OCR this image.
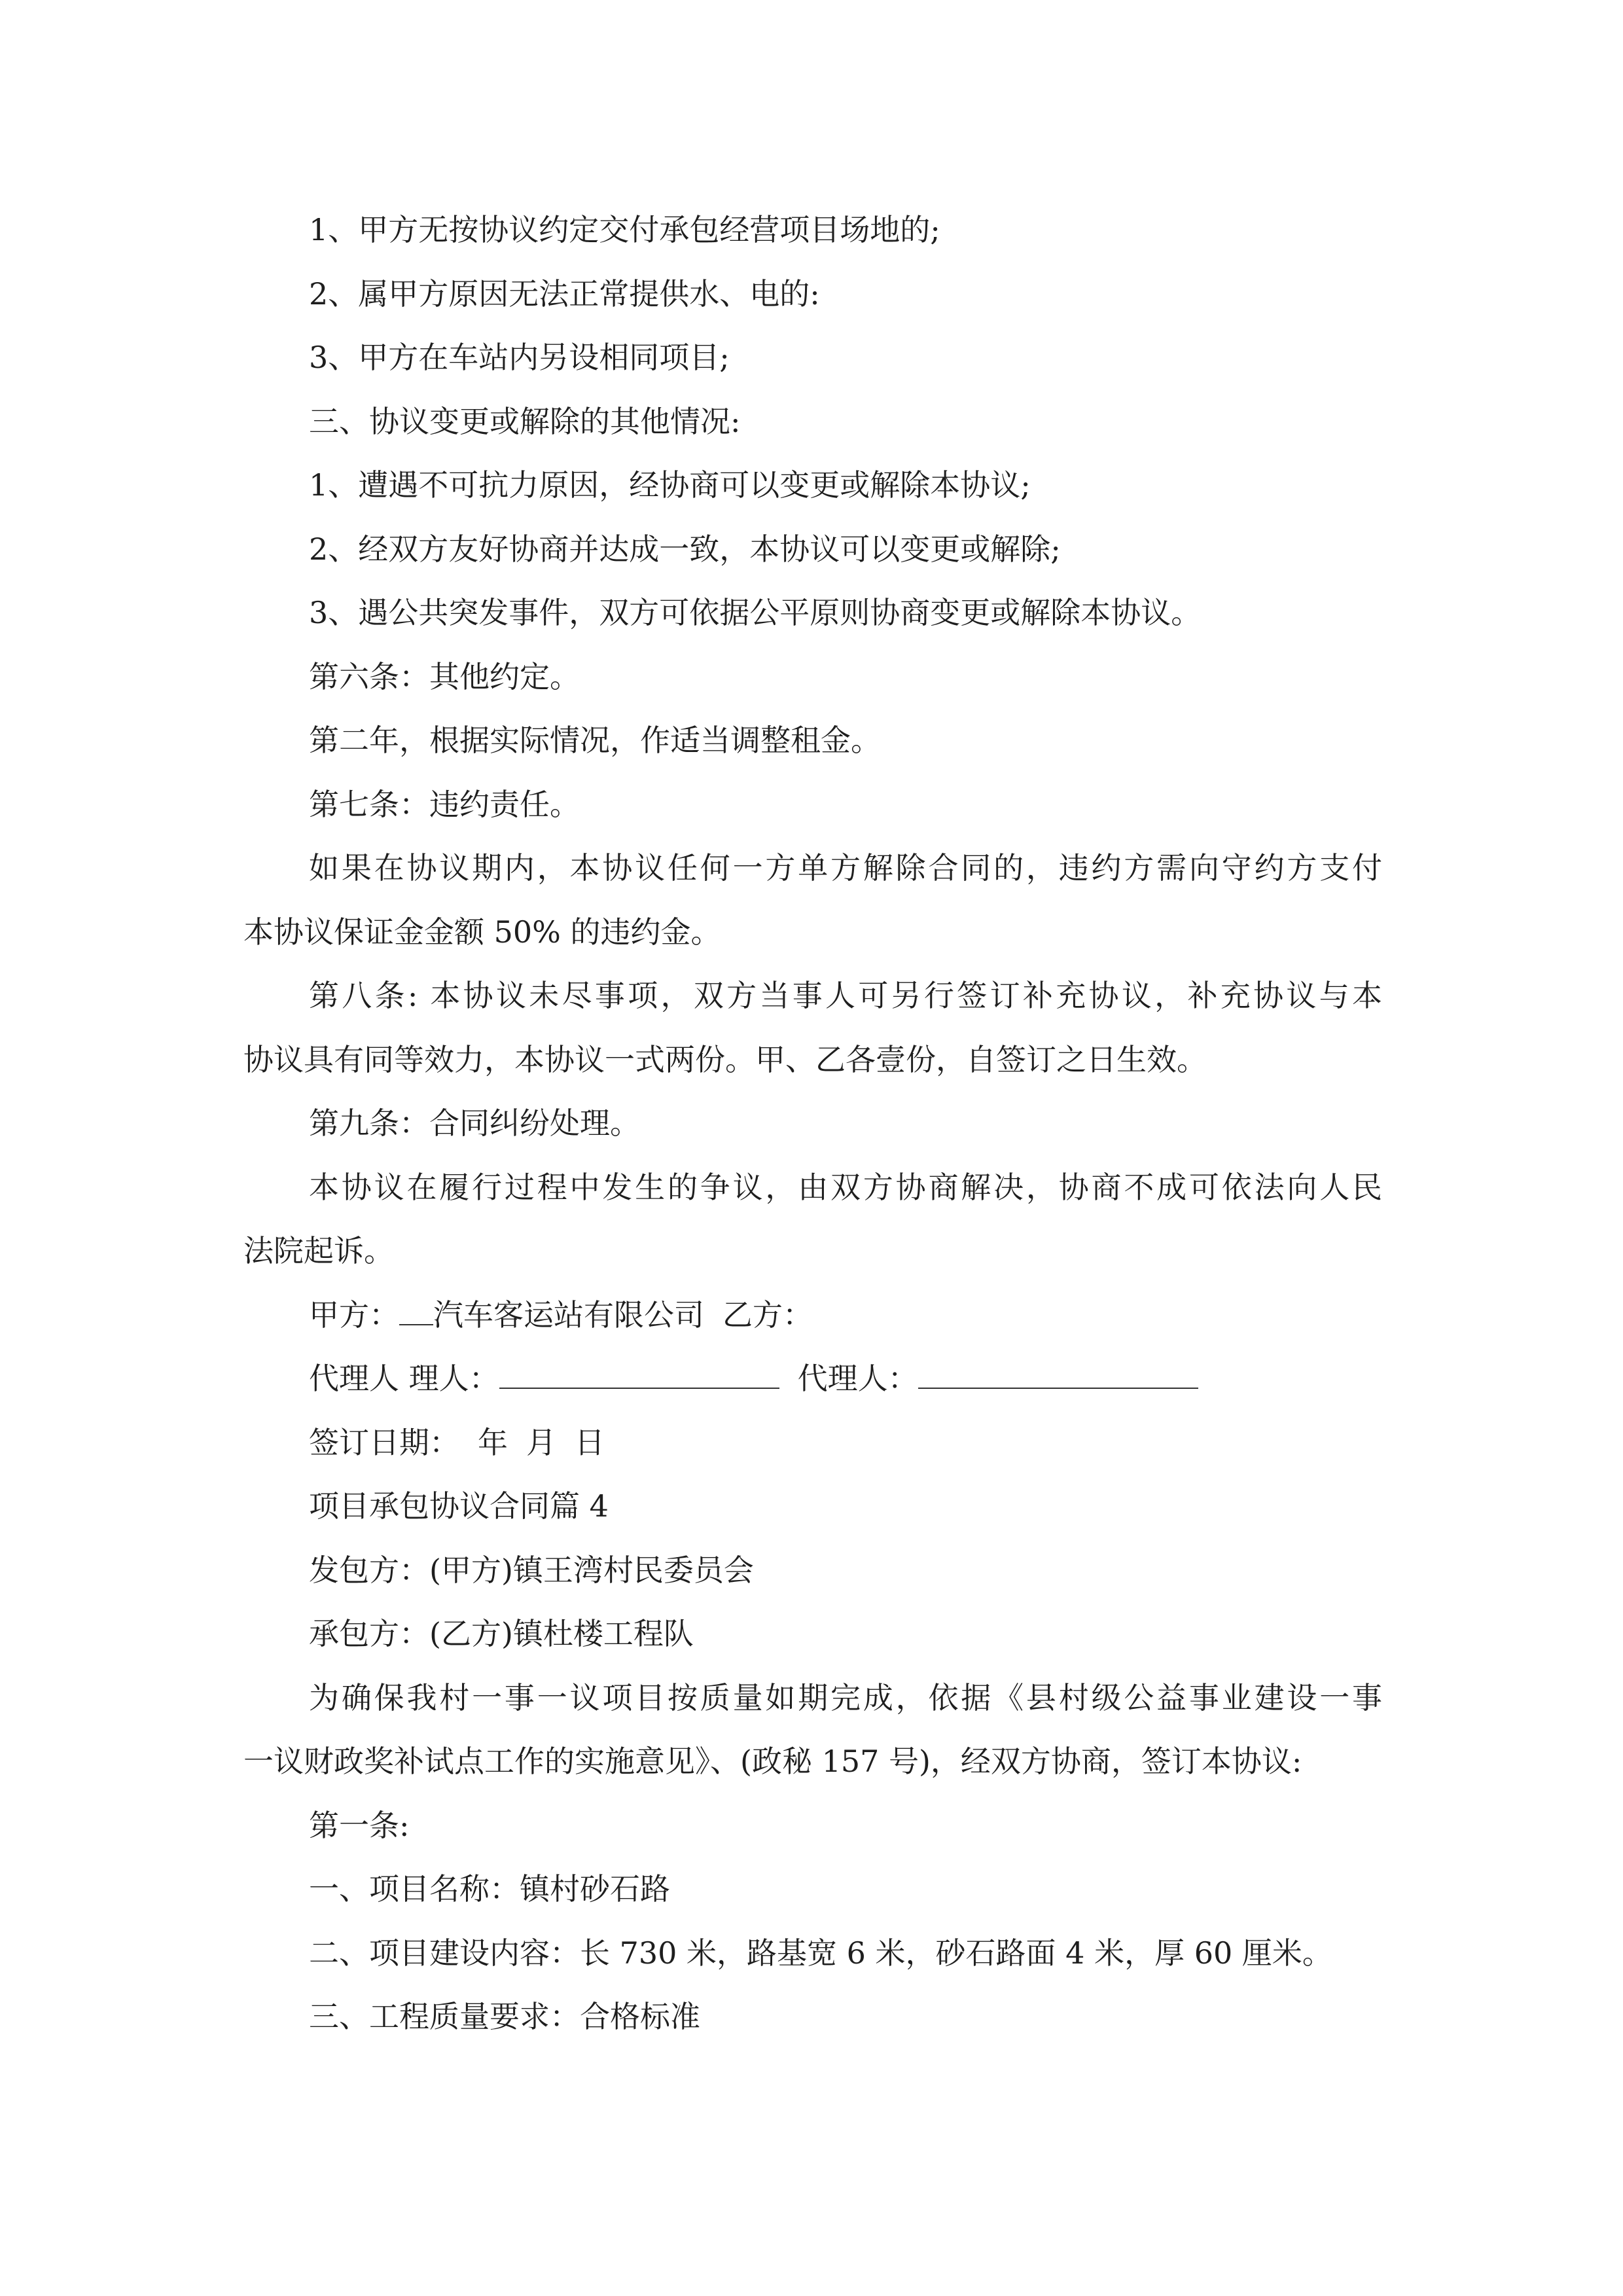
1、甲方无按协议约定交付承包经营项目场地的;
2、属甲方原因无法正常提供水、电的:
3、甲方在车站内另设相同项目;
三、协议变更或解除的其他情况:
1、遭遇不可抗力原因，经协商可以变更或解除本协议;
2、经双方友好协商并达成一致，本协议可以变更或解除;
3、遇公共突发事件，双方可依据公平原则协商变更或解除本协议。
第六条：其他约定。
第二年，根据实际情况，作适当调整租金。
第七条：违约责任。
如果在协议期内，本协议任何一方单方解除合同的，违约方需向守约方支付
本协议保证金金额 50% 的违约金。
第八条: 本协议未尽事项，双方当事人可另行签订补充协议，补充协议与本
协议具有同等效力，本协议一式两份。甲、乙各壹份，自签订之日生效。
第九条：合同纠纷处理。
本协议在履行过程中发生的争议，由双方协商解决，协商不成可依法向人民
法院起诉。
甲方： 汽车客运站有限公司 乙方：
代理人 理人：	代理人：
签订日期： 年 月 日
项目承包协议合同篇 4
发包方：(甲方)镇王湾村民委员会
承包方：(乙方)镇杜楼工程队
为确保我村一事一议项目按质量如期完成，依据《县村级公益事业建设一事
一议财政奖补试点工作的实施意见》、(政秘 157 号)，经双方协商，签订本协议:
第一条:
一、项目名称：镇村砂石路
二、项目建设内容：长 730 米，路基宽 6 米，砂石路面 4 米，厚 60 厘米。
三、工程质量要求：合格标准
